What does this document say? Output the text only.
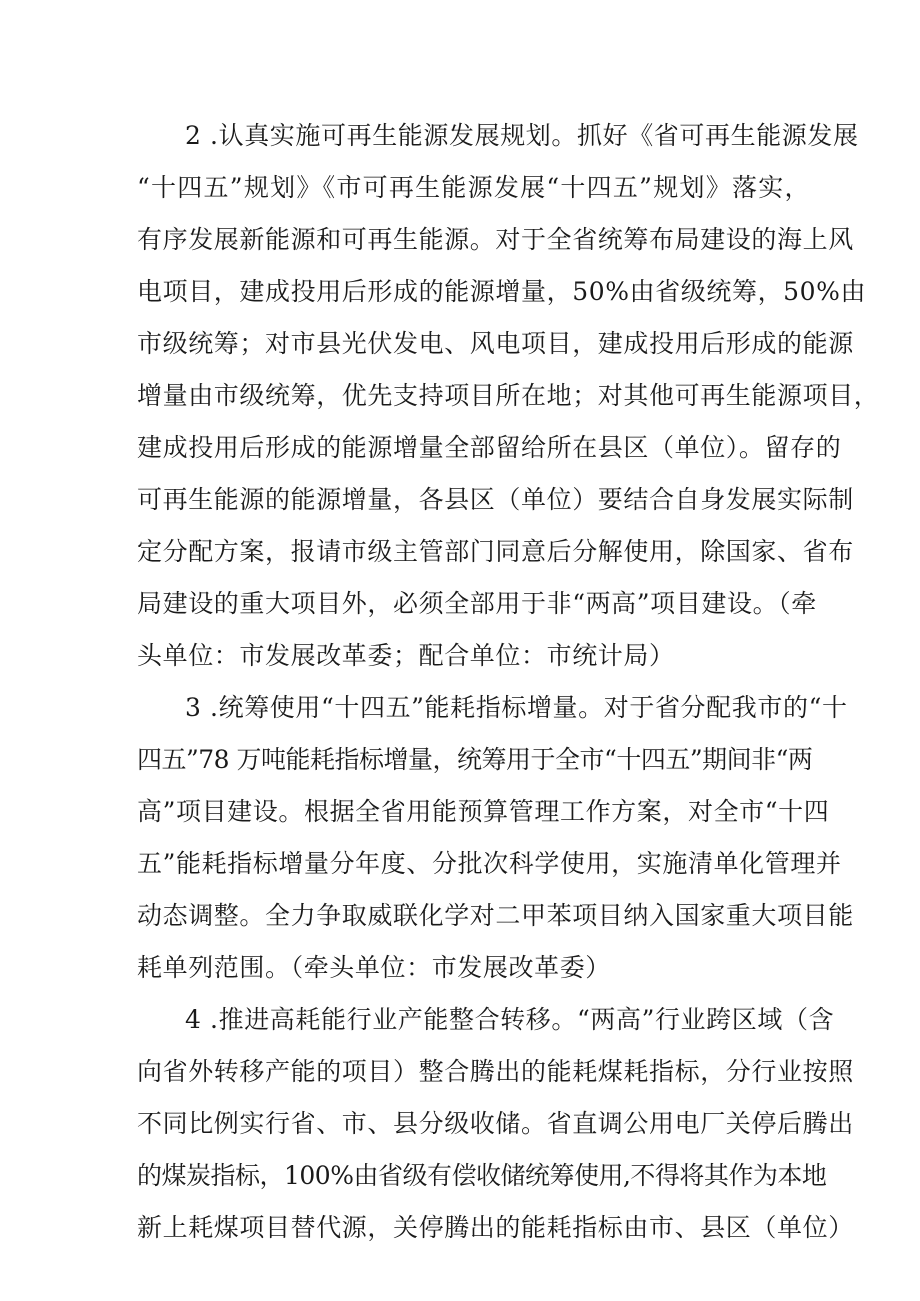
2 .认真实施可再生能源发展规划。抓好《省可再生能源发展
“十四五”规划》《市可再生能源发展“十四五”规划》落实，
有序发展新能源和可再生能源。对于全省统筹布局建设的海上风
电项目，建成投用后形成的能源增量，50%由省级统筹，50%由
市级统筹；对市县光伏发电、风电项目，建成投用后形成的能源
增量由市级统筹，优先支持项目所在地；对其他可再生能源项目，
建成投用后形成的能源增量全部留给所在县区（单位）。留存的
可再生能源的能源增量，各县区（单位）要结合自身发展实际制
定分配方案，报请市级主管部门同意后分解使用，除国家、省布
局建设的重大项目外，必须全部用于非“两高”项目建设。（牵
头单位：市发展改革委；配合单位：市统计局）
3 .统筹使用“十四五”能耗指标增量。对于省分配我市的“十
四五”78 万吨能耗指标增量，统筹用于全市“十四五”期间非“两
高”项目建设。根据全省用能预算管理工作方案，对全市“十四
五”能耗指标增量分年度、分批次科学使用，实施清单化管理并
动态调整。全力争取威联化学对二甲苯项目纳入国家重大项目能
耗单列范围。（牵头单位：市发展改革委）
4 .推进高耗能行业产能整合转移。“两高”行业跨区域（含
向省外转移产能的项目）整合腾出的能耗煤耗指标，分行业按照
不同比例实行省、市、县分级收储。省直调公用电厂关停后腾出
的煤炭指标，100%由省级有偿收储统筹使用,不得将其作为本地
新上耗煤项目替代源，关停腾出的能耗指标由市、县区（单位）
